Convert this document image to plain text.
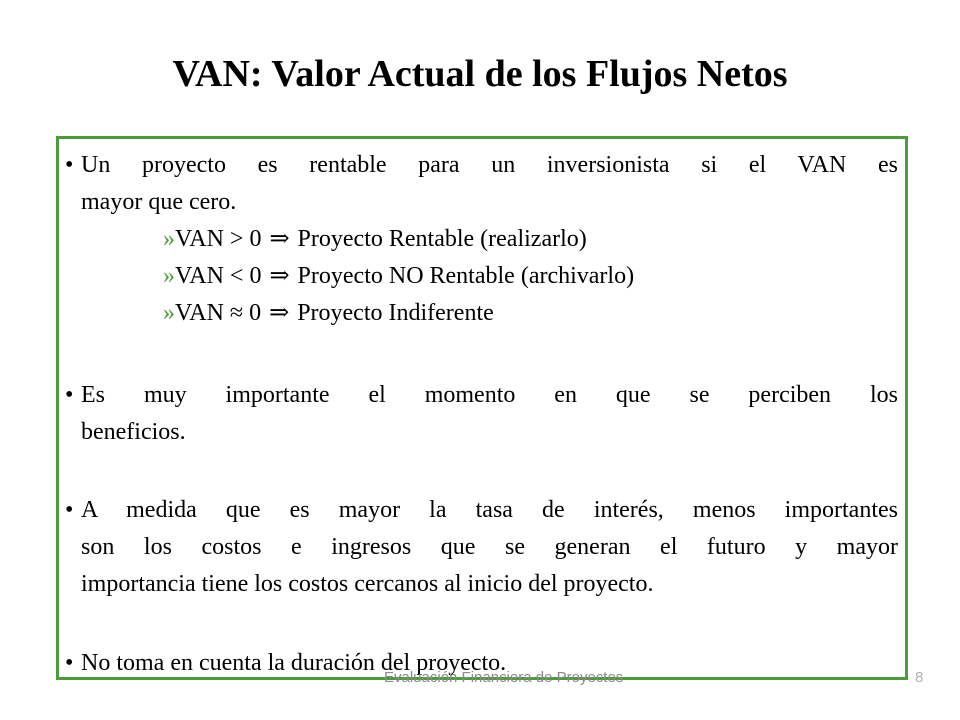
VAN: Valor Actual de los Flujos Netos
• Un proyecto es rentable para un inversionista si el VAN es
mayor que cero.
»VAN > 0 ⇒ Proyecto Rentable (realizarlo)
»VAN < 0 ⇒ Proyecto NO Rentable (archivarlo)
»VAN ≈ 0 ⇒ Proyecto Indiferente
• Es muy importante el momento en que se perciben los
beneficios.
• A medida que es mayor la tasa de interés, menos importantes
son los costos e ingresos que se generan el futuro y mayor
importancia tiene los costos cercanos al inicio del proyecto.
• No toma en cuenta la duración del proyecto.
Evaluación Financiera de Proyectos	8
